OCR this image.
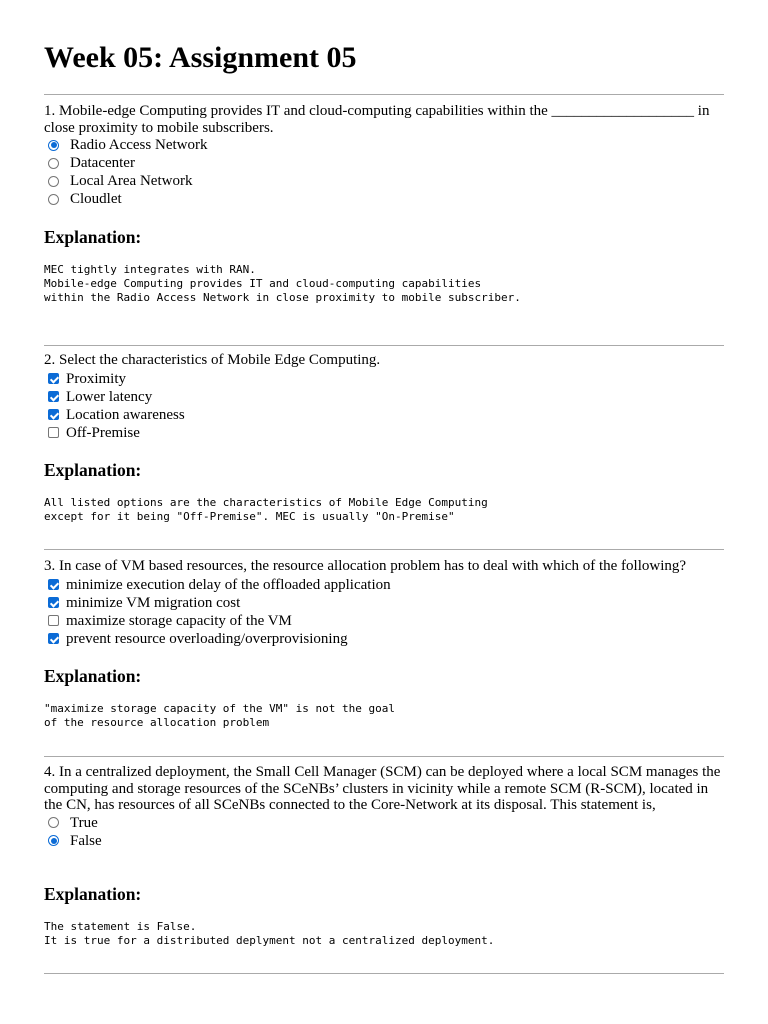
Week 05: Assignment 05

1. Mobile-edge Computing provides IT and cloud-computing capabilities within the ___________________ in close proximity to mobile subscribers.

Radio Access Network
Datacenter
Local Area Network
Cloudlet
Explanation:
MEC tightly integrates with RAN.
Mobile-edge Computing provides IT and cloud-computing capabilities
within the Radio Access Network in close proximity to mobile subscriber.

2. Select the characteristics of Mobile Edge Computing.

Proximity
Lower latency
Location awareness
Off-Premise
Explanation:
All listed options are the characteristics of Mobile Edge Computing
except for it being "Off-Premise". MEC is usually "On-Premise"

3. In case of VM based resources, the resource allocation problem has to deal with which of the following?

minimize execution delay of the offloaded application
minimize VM migration cost
maximize storage capacity of the VM
prevent resource overloading/overprovisioning
Explanation:
"maximize storage capacity of the VM" is not the goal
of the resource allocation problem

4. In a centralized deployment, the Small Cell Manager (SCM) can be deployed where a local SCM manages the computing and storage resources of the SCeNBs’ clusters in vicinity while a remote SCM (R-SCM), located in the CN, has resources of all SCeNBs connected to the Core-Network at its disposal. This statement is,

True
False
Explanation:
The statement is False.
It is true for a distributed deplyment not a centralized deployment.
